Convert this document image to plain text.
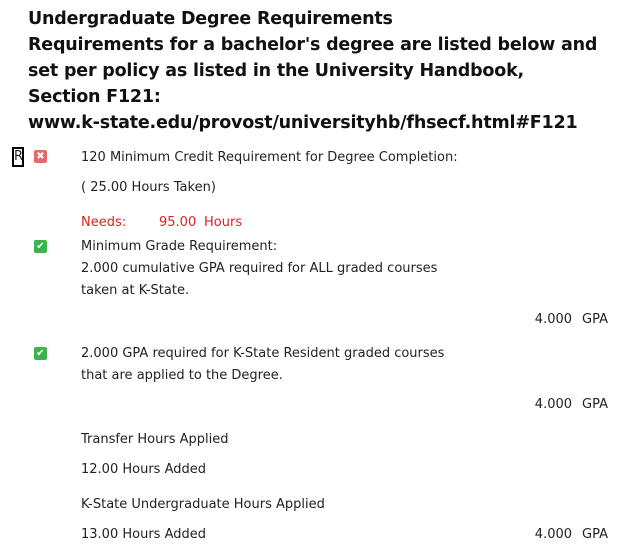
Undergraduate Degree Requirements
Requirements for a bachelor's degree are listed below and
set per policy as listed in the University Handbook,
Section F121:
www.k-state.edu/provost/universityhb/fhsecf.html#F121
R ✖	120 Minimum Credit Requirement for Degree Completion:
( 25.00 Hours Taken)
Needs:	95.00 Hours
✔	Minimum Grade Requirement:
2.000 cumulative GPA required for ALL graded courses
taken at K-State.
4.000 GPA
✔	2.000 GPA required for K-State Resident graded courses
that are applied to the Degree.
4.000 GPA
Transfer Hours Applied
12.00 Hours Added
K-State Undergraduate Hours Applied
13.00 Hours Added	4.000 GPA
